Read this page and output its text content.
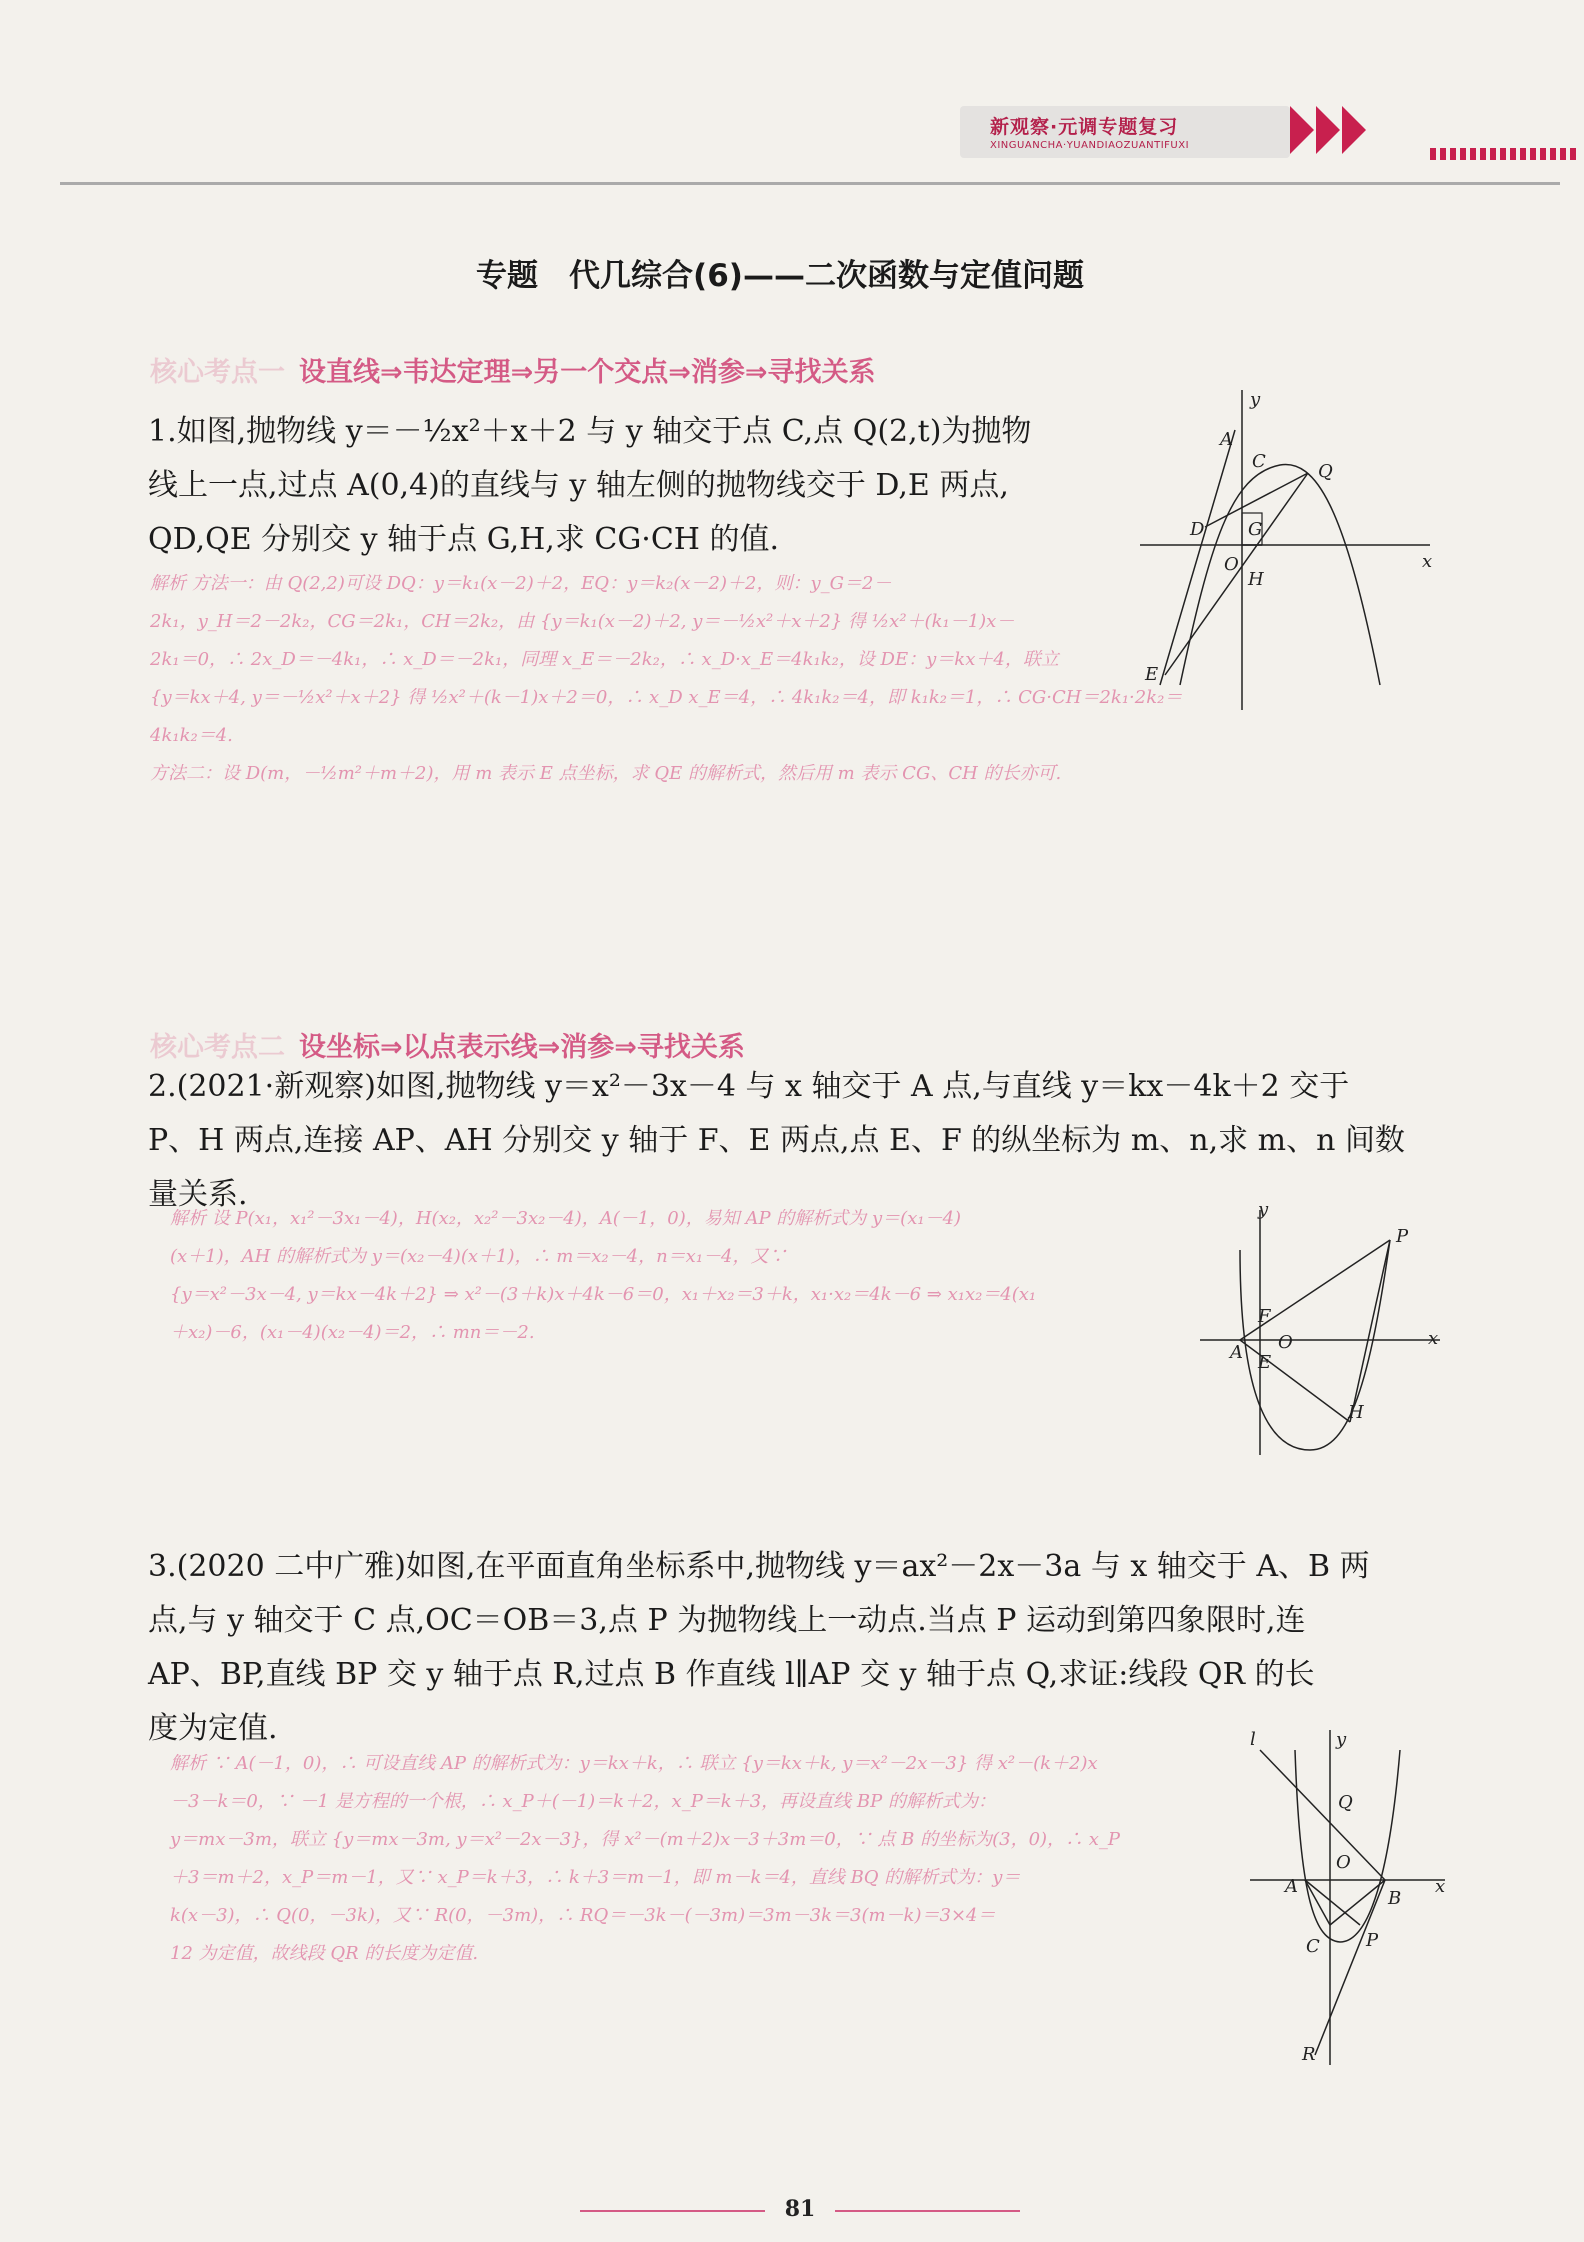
新观察·元调专题复习
XINGUANCHA·YUANDIAOZUANTIFUXI
专题　代几综合(6)——二次函数与定值问题
核心考点一 设直线⇒韦达定理⇒另一个交点⇒消参⇒寻找关系
1.如图,抛物线 y＝－½x²＋x＋2 与 y 轴交于点 C,点 Q(2,t)为抛物
线上一点,过点 A(0,4)的直线与 y 轴左侧的抛物线交于 D,E 两点,
QD,QE 分别交 y 轴于点 G,H,求 CG·CH 的值.
解析 方法一：由 Q(2,2)可设 DQ：y＝k₁(x－2)＋2，EQ：y＝k₂(x－2)＋2，则：y_G＝2－
2k₁，y_H＝2－2k₂，CG＝2k₁，CH＝2k₂，由 {y＝k₁(x－2)＋2, y＝－½x²＋x＋2} 得 ½x²＋(k₁－1)x－
2k₁＝0，∴ 2x_D＝－4k₁，∴ x_D＝－2k₁，同理 x_E＝－2k₂，∴ x_D·x_E＝4k₁k₂，设 DE：y＝kx＋4，联立
{y＝kx＋4, y＝－½x²＋x＋2} 得 ½x²＋(k－1)x＋2＝0，∴ x_D x_E＝4，∴ 4k₁k₂＝4，即 k₁k₂＝1，∴ CG·CH＝2k₁·2k₂＝
4k₁k₂＝4.
方法二：设 D(m，－½m²＋m＋2)，用 m 表示 E 点坐标，求 QE 的解析式，然后用 m 表示 CG、CH 的长亦可.
y
A
C	Q
D G
O
H
x
E
核心考点二 设坐标⇒以点表示线⇒消参⇒寻找关系
2.(2021·新观察)如图,抛物线 y＝x²－3x－4 与 x 轴交于 A 点,与直线 y＝kx－4k＋2 交于
P、H 两点,连接 AP、AH 分别交 y 轴于 F、E 两点,点 E、F 的纵坐标为 m、n,求 m、n 间数
量关系.
解析 设 P(x₁，x₁²－3x₁－4)，H(x₂，x₂²－3x₂－4)，A(－1，0)，易知 AP 的解析式为 y＝(x₁－4)
(x＋1)，AH 的解析式为 y＝(x₂－4)(x＋1)，∴ m＝x₂－4，n＝x₁－4，又∵
{y＝x²－3x－4, y＝kx－4k＋2} ⇒ x²－(3＋k)x＋4k－6＝0，x₁＋x₂＝3＋k，x₁·x₂＝4k－6 ⇒ x₁x₂＝4(x₁
＋x₂)－6，(x₁－4)(x₂－4)＝2，∴ mn＝－2.
y
P
F
A O	x
E
H
3.(2020 二中广雅)如图,在平面直角坐标系中,抛物线 y＝ax²－2x－3a 与 x 轴交于 A、B 两
点,与 y 轴交于 C 点,OC＝OB＝3,点 P 为抛物线上一动点.当点 P 运动到第四象限时,连
AP、BP,直线 BP 交 y 轴于点 R,过点 B 作直线 l∥AP 交 y 轴于点 Q,求证:线段 QR 的长
度为定值.
解析 ∵ A(－1，0)，∴ 可设直线 AP 的解析式为：y＝kx＋k，∴ 联立 {y＝kx＋k, y＝x²－2x－3} 得 x²－(k＋2)x
－3－k＝0，∵ －1 是方程的一个根，∴ x_P＋(－1)＝k＋2，x_P＝k＋3，再设直线 BP 的解析式为：
y＝mx－3m，联立 {y＝mx－3m, y＝x²－2x－3}，得 x²－(m＋2)x－3＋3m＝0，∵ 点 B 的坐标为(3，0)，∴ x_P
＋3＝m＋2，x_P＝m－1，又∵ x_P＝k＋3，∴ k＋3＝m－1，即 m－k＝4，直线 BQ 的解析式为：y＝
k(x－3)，∴ Q(0，－3k)，又∵ R(0，－3m)，∴ RQ＝－3k－(－3m)＝3m－3k＝3(m－k)＝3×4＝
12 为定值，故线段 QR 的长度为定值.
l	y
Q
O
A
B
x
C	P
R
81
